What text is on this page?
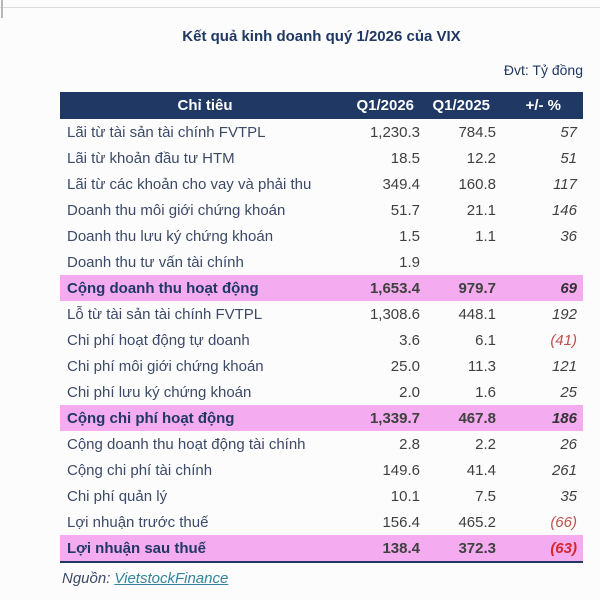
Kết quả kinh doanh quý 1/2026 của VIX
Đvt: Tỷ đồng
Chỉ tiêu	Q1/2026	Q1/2025	+/- %
Lãi từ tài sản tài chính FVTPL	1,230.3	784.5	57
Lãi từ khoản đầu tư HTM	18.5	12.2	51
Lãi từ các khoản cho vay và phải thu	349.4	160.8	117
Doanh thu môi giới chứng khoán	51.7	21.1	146
Doanh thu lưu ký chứng khoán	1.5	1.1	36
Doanh thu tư vấn tài chính	1.9
Cộng doanh thu hoạt động	1,653.4	979.7	69
Lỗ từ tài sản tài chính FVTPL	1,308.6	448.1	192
Chi phí hoạt động tự doanh	3.6	6.1	(41)
Chi phí môi giới chứng khoán	25.0	11.3	121
Chi phí lưu ký chứng khoán	2.0	1.6	25
Cộng chi phí hoạt động	1,339.7	467.8	186
Cộng doanh thu hoạt động tài chính	2.8	2.2	26
Cộng chi phí tài chính	149.6	41.4	261
Chi phí quản lý	10.1	7.5	35
Lợi nhuận trước thuế	156.4	465.2	(66)
Lợi nhuận sau thuế	138.4	372.3	(63)
Nguồn: VietstockFinance
